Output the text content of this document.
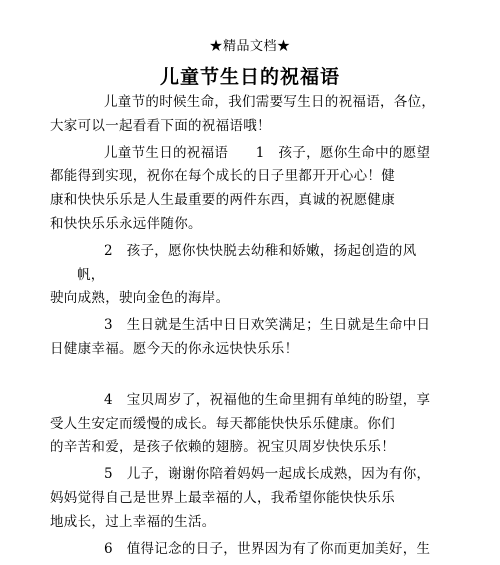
★精品文档★
儿童节生日的祝福语

儿童节的时候生命，我们需要写生日的祝福语，各位，
大家可以一起看看下面的祝福语哦！

儿童节生日的祝福语　　1　孩子，愿你生命中的愿望
都能得到实现，祝你在每个成长的日子里都开开心心！健
康和快快乐乐是人生最重要的两件东西，真诚的祝愿健康
和快快乐乐永远伴随你。

2　孩子，愿你快快脱去幼稚和娇嫩，扬起创造的风帆，
驶向成熟，驶向金色的海岸。

3　生日就是生活中日日欢笑满足；生日就是生命中日
日健康幸福。愿今天的你永远快快乐乐！

4　宝贝周岁了，祝福他的生命里拥有单纯的盼望，享
受人生安定而缓慢的成长。每天都能快快乐乐健康。你们
的辛苦和爱，是孩子依赖的翅膀。祝宝贝周岁快快乐乐！

5　儿子，谢谢你陪着妈妈一起成长成熟，因为有你，
妈妈觉得自己是世界上最幸福的人，我希望你能快快乐乐
地成长，过上幸福的生活。

6　值得记念的日子，世界因为有了你而更加美好，生
